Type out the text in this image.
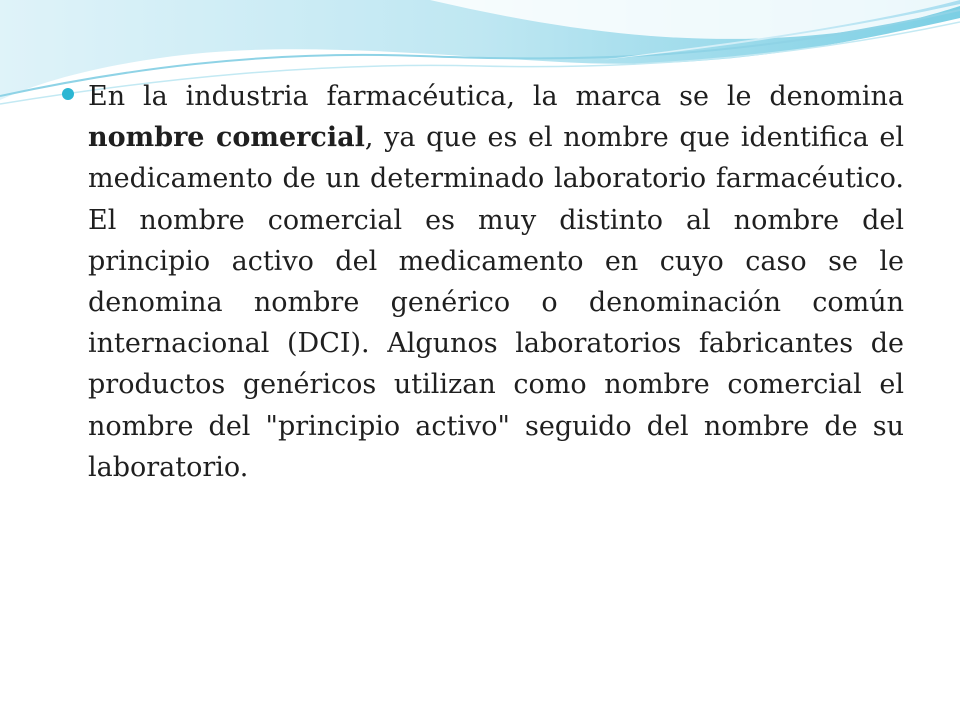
En la industria farmacéutica, la marca se le denomina nombre comercial, ya que es el nombre que identifica el medicamento de un determinado laboratorio farmacéutico. El nombre comercial es muy distinto al nombre del principio activo del medicamento en cuyo caso se le denomina nombre genérico o denominación común internacional (DCI). Algunos laboratorios fabricantes de productos genéricos utilizan como nombre comercial el nombre del "principio activo" seguido del nombre de su laboratorio.
